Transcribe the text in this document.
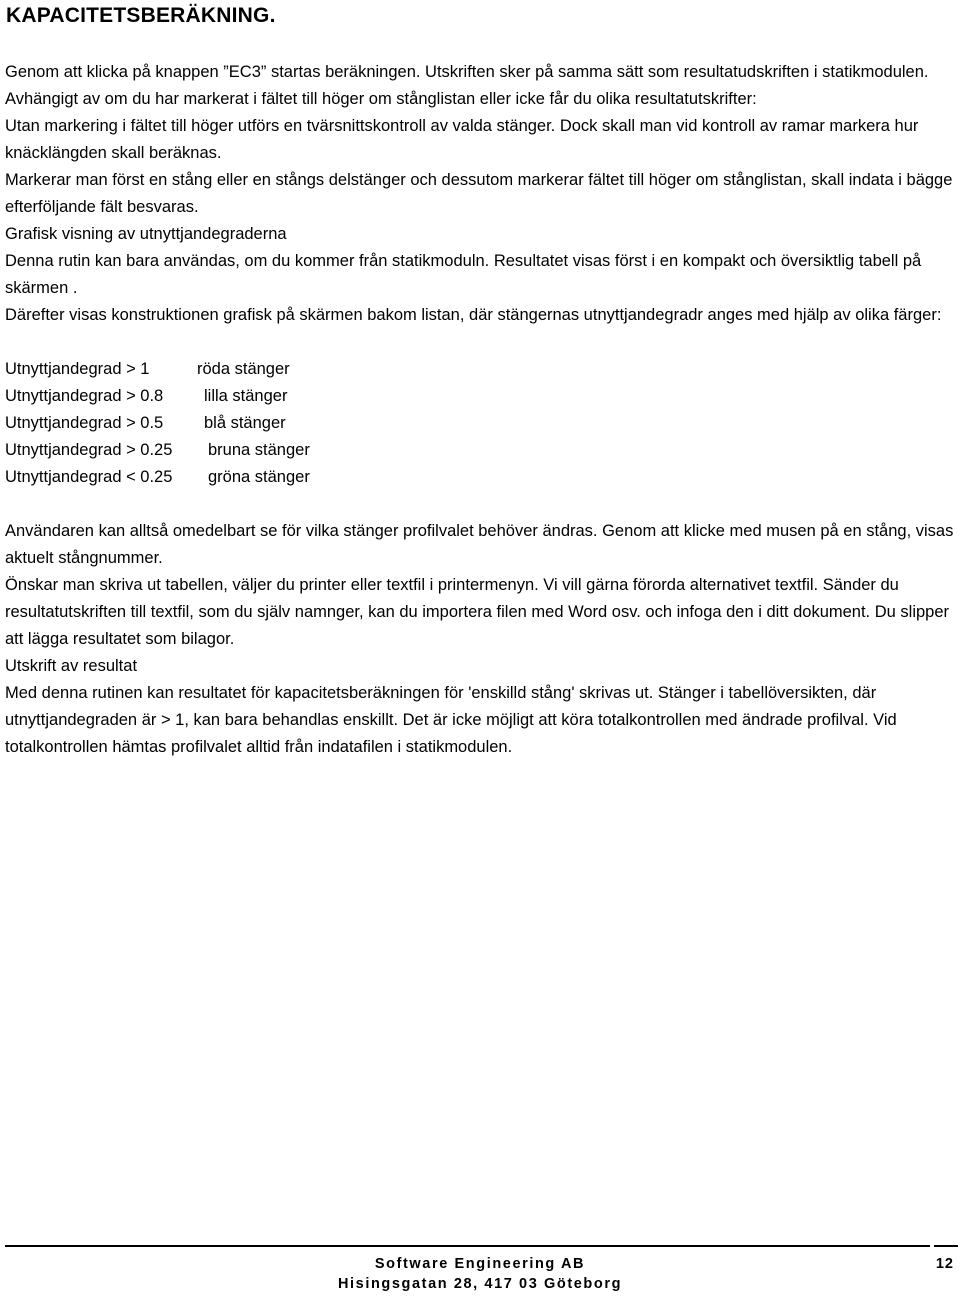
KAPACITETSBERÄKNING.

Genom att klicka på knappen ”EC3” startas beräkningen. Utskriften sker på samma sätt som resultatudskriften i statikmodulen. Avhängigt av om du har markerat i fältet till höger om stånglistan eller icke får du olika resultatutskrifter:

Utan markering i fältet till höger utförs en tvärsnittskontroll av valda stänger. Dock skall man vid kontroll av ramar markera hur knäcklängden skall beräknas.

Markerar man först en stång eller en stångs delstänger och dessutom markerar fältet till höger om stånglistan, skall indata i bägge efterföljande fält besvaras.

Grafisk visning av utnyttjandegraderna

Denna rutin kan bara användas, om du kommer från statikmoduln. Resultatet visas först i en kompakt och översiktlig tabell på skärmen .

Därefter visas konstruktionen grafisk på skärmen bakom listan, där stängernas utnyttjandegradr anges med hjälp av olika färger:

Utnyttjandegrad > 1	röda stänger

Utnyttjandegrad > 0.8	lilla stänger

Utnyttjandegrad > 0.5	blå stänger

Utnyttjandegrad > 0.25	bruna stänger

Utnyttjandegrad < 0.25	gröna stänger

Användaren kan alltså omedelbart se för vilka stänger profilvalet behöver ändras. Genom att klicke med musen på en stång, visas aktuelt stångnummer.

Önskar man skriva ut tabellen, väljer du printer eller textfil i printermenyn. Vi vill gärna förorda alternativet textfil. Sänder du resultatutskriften till textfil, som du själv namnger, kan du importera filen med Word osv. och infoga den i ditt dokument. Du slipper att lägga resultatet som bilagor.

Utskrift av resultat

Med denna rutinen kan resultatet för kapacitetsberäkningen för 'enskilld stång' skrivas ut. Stänger i tabellöversikten, där utnyttjandegraden är > 1, kan bara behandlas enskillt. Det är icke möjligt att köra totalkontrollen med ändrade profilval. Vid totalkontrollen hämtas profilvalet alltid från indatafilen i statikmodulen.

Software Engineering AB
Hisingsgatan 28, 417 03 Göteborg
12
